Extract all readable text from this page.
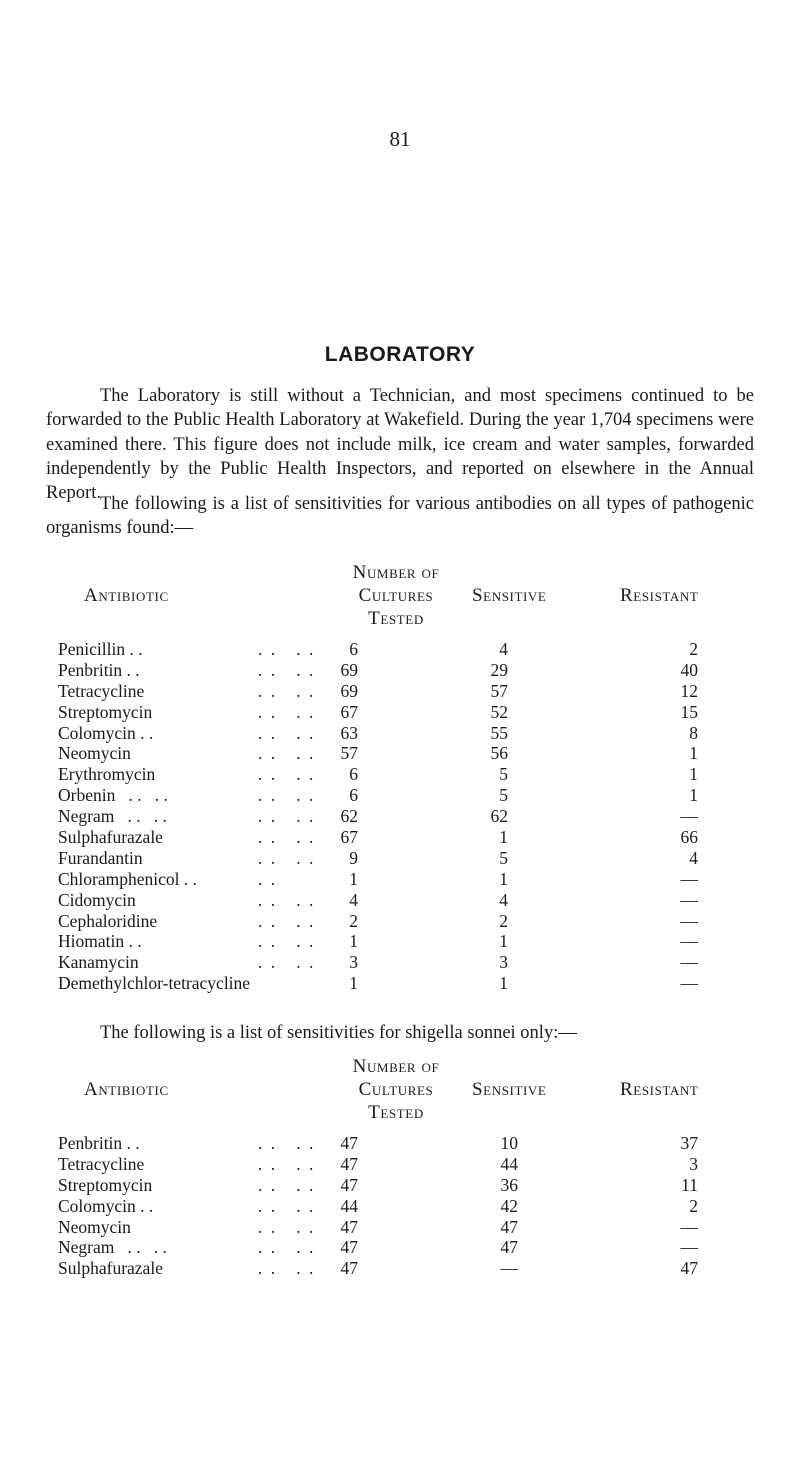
81
LABORATORY

The Laboratory is still without a Technician, and most specimens continued to be forwarded to the Public Health Laboratory at Wakefield. During the year 1,704 specimens were examined there. This figure does not include milk, ice cream and water samples, forwarded independently by the Public Health Inspectors, and reported on elsewhere in the Annual Report.

The following is a list of sensitivities for various antibodies on all types of pathogenic organisms found:—

Number of
Antibiotic	Cultures	Sensitive	Resistant
Tested
Penicillin . .	. .   . .	6	4	2
Penbritin . .	. .   . .	69	29	40
Tetracycline	. .   . .	69	57	12
Streptomycin	. .   . .	67	52	15
Colomycin . .	. .   . .	63	55	8
Neomycin	. .   . .	57	56	1
Erythromycin	. .   . .	6	5	1
Orbenin   . .   . .	. .   . .	6	5	1
Negram   . .   . .	. .   . .	62	62	—
Sulphafurazale	. .   . .	67	1	66
Furandantin	. .   . .	9	5	4
Chloramphenicol . .	. .	1	1	—
Cidomycin	. .   . .	4	4	—
Cephaloridine	. .   . .	2	2	—
Hiomatin . .	. .   . .	1	1	—
Kanamycin	. .   . .	3	3	—
Demethylchlor-tetracycline	1	1	—

The following is a list of sensitivities for shigella sonnei only:—

Number of
Antibiotic	Cultures	Sensitive	Resistant
Tested
Penbritin . .	. .   . .	47	10	37
Tetracycline	. .   . .	47	44	3
Streptomycin	. .   . .	47	36	11
Colomycin . .	. .   . .	44	42	2
Neomycin	. .   . .	47	47	—
Negram   . .   . .	. .   . .	47	47	—
Sulphafurazale	. .   . .	47	—	47
